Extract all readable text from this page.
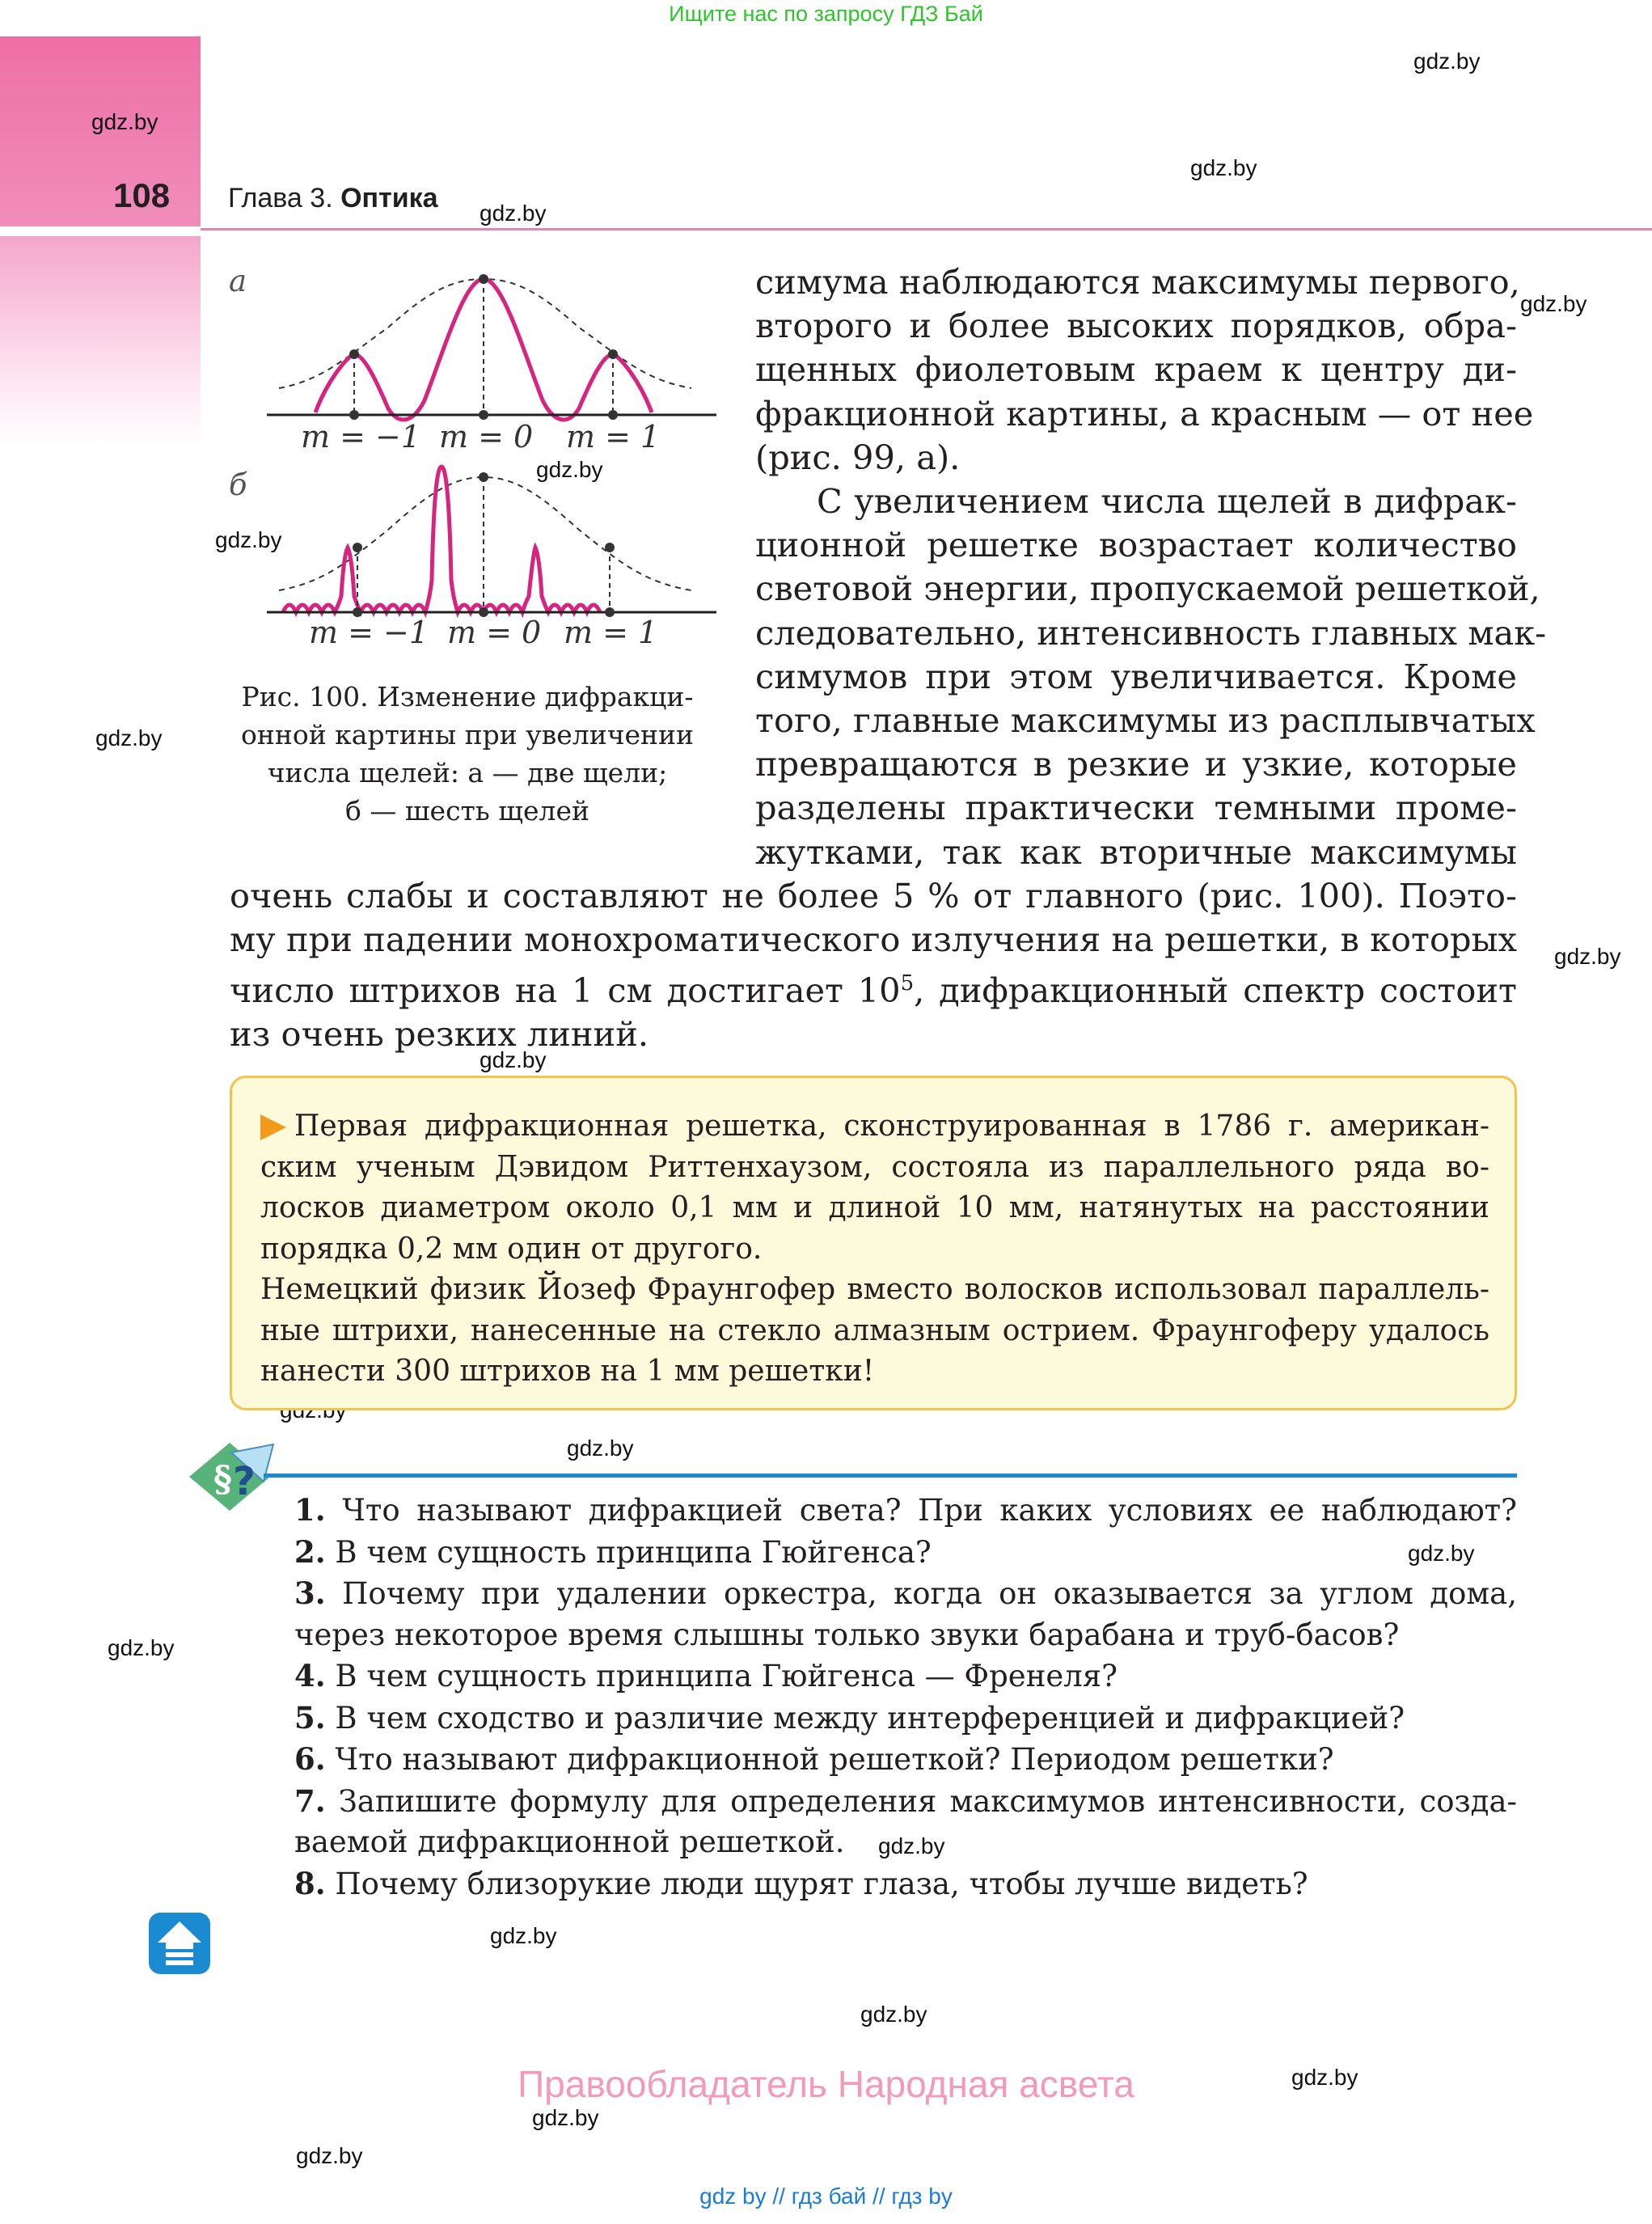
Ищите нас по запросу ГДЗ Бай
108 Глава 3. Оптика
gdz.by
gdz.by
gdz.by
gdz.by
gdz.by
gdz.by
gdz.by
gdz.by
gdz.by
gdz.by
gdz.by
gdz.by
gdz.by
gdz.by
gdz.by
gdz.by
gdz.by
gdz.by
gdz.by
а
б
m = −1 m = 0 m = 1
m = −1 m = 0 m = 1
Рис. 100. Изменение дифракци-
онной картины при увеличении
числа щелей: а — две щели;
б — шесть щелей
симума наблюдаются максимумы первого,
второго и более высоких порядков, обра-
щенных фиолетовым краем к центру ди-
фракционной картины, а красным — от нее
(рис. 99, а).
С увеличением числа щелей в дифрак-
ционной решетке возрастает количество
световой энергии, пропускаемой решеткой,
следовательно, интенсивность главных мак-
симумов при этом увеличивается. Кроме
того, главные максимумы из расплывчатых
превращаются в резкие и узкие, которые
разделены практически темными проме-
жутками, так как вторичные максимумы
очень слабы и составляют не более 5 % от главного (рис. 100). Поэто-
му при падении монохроматического излучения на решетки, в которых
число штрихов на 1 см достигает $10^5$, дифракционный спектр состоит
из очень резких линий.
Первая дифракционная решетка, сконструированная в 1786 г. американ-
ским ученым Дэвидом Риттенхаузом, состояла из параллельного ряда во-
лосков диаметром около 0,1 мм и длиной 10 мм, натянутых на расстоянии
порядка 0,2 мм один от другого.
Немецкий физик Йозеф Фраунгофер вместо волосков использовал параллель-
ные штрихи, нанесенные на стекло алмазным острием. Фраунгоферу удалось
нанести 300 штрихов на 1 мм решетки!
§ ?
1. Что называют дифракцией света? При каких условиях ее наблюдают?
2. В чем сущность принципа Гюйгенса?
3. Почему при удалении оркестра, когда он оказывается за углом дома,
через некоторое время слышны только звуки барабана и труб-басов?
4. В чем сущность принципа Гюйгенса — Френеля?
5. В чем сходство и различие между интерференцией и дифракцией?
6. Что называют дифракционной решеткой? Периодом решетки?
7. Запишите формулу для определения максимумов интенсивности, созда-
ваемой дифракционной решеткой.
8. Почему близорукие люди щурят глаза, чтобы лучше видеть?
Правообладатель Народная асвета
gdz by // гдз бай // гдз by
